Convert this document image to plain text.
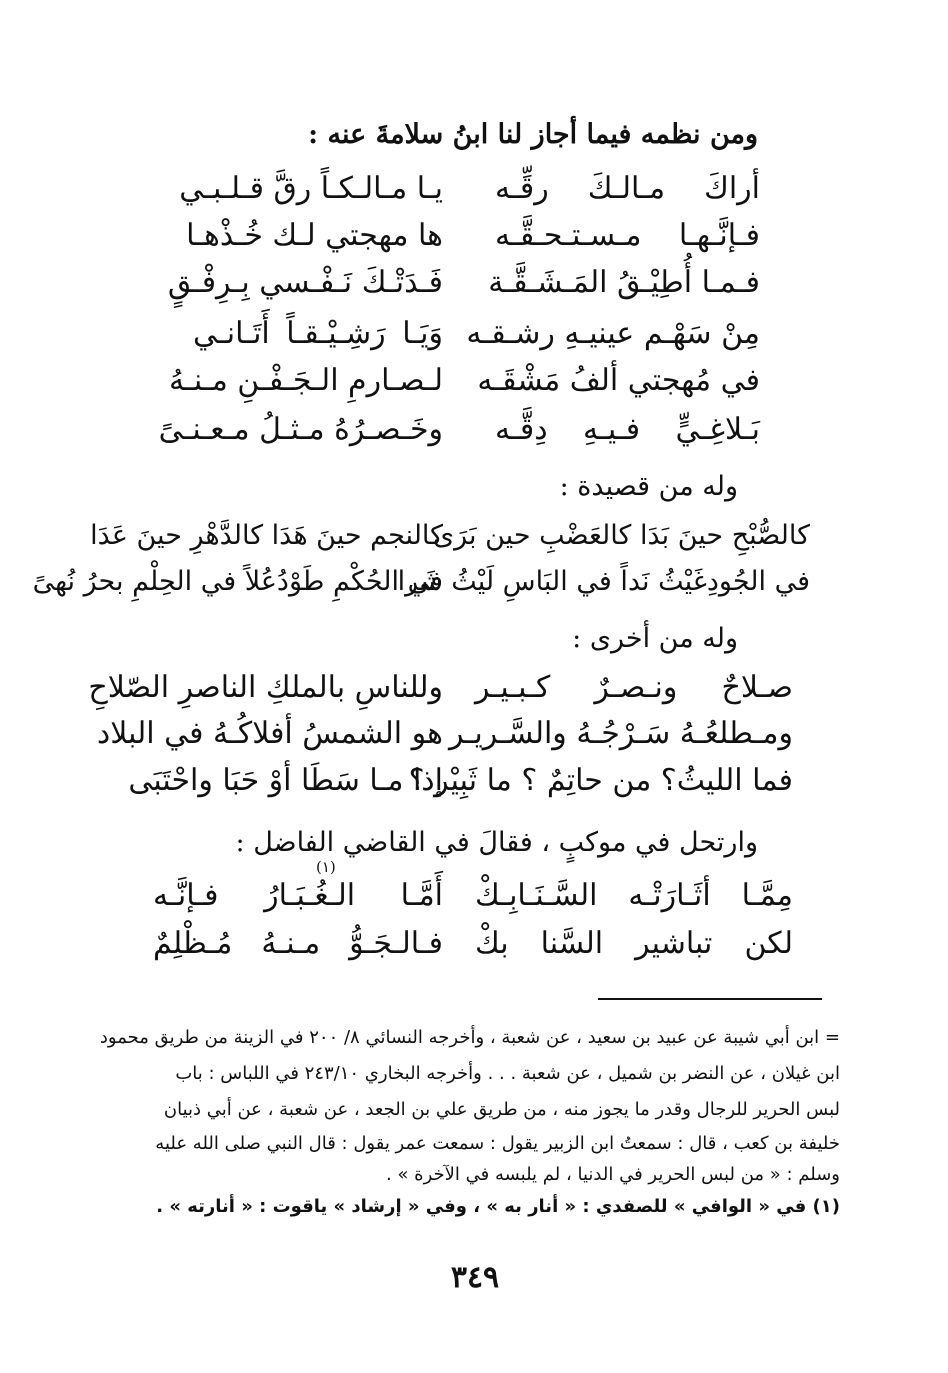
ومن نظمه فيما أجاز لنا ابنُ سلامةَ عنه :
يـا مـالـكـاً رقَّ قـلـبـي أراكَ مـالـكَ رقِّـه
ها مهجتي لـك خُـذْهـا فـإنَّـهـا مـسـتـحـقَّـه
فَـدَتْـكَ نَـفْـسي بِـرِفْـقٍ فـمـا أُطِيْـقُ المَـشَـقَّـة
وَيَـا رَشِـيْـقـاً أَتَـانـي مِنْ سَهْـم عينيـهِ رشـقـه
لـصـارمِ الـجَـفْـنِ مـنـهُ في مُهجتي ألفُ مَشْقَـه
وخَـصـرُهُ مـثـلُ مـعـنـىً بَـلاغِـيٍّ فـيـهِ دِقَّـه
وله من قصيدة :
كالنجم حينَ هَدَا كالدَّهْرِ حينَ عَدَا
كالصُّبْحِ حينَ بَدَا كالعَضْبِ حين بَرَى
في الحُكْمِ طَوْدُعُلاً في الحِلْمِ بحرُ نُهىً
في الجُودِغَيْثُ نَداً في البَاسِ لَيْثُ شَرا
وله من أخرى :
وللناسِ بالملكِ الناصرِ الصّلاحِ صـلاحٌ ونـصـرٌ كـبـيـر
هو الشمسُ أفلاكُـهُ في البلاد ومـطلعُـهُ سَـرْجُـهُ والسَّـريـر
إذا مـا سَطَا أوْ حَبَا واحْتَبَى
فما الليثُ؟ من حاتِمٌ ؟ ما ثَبِيْر ؟
وارتحل في موكبٍ ، فقالَ في القاضي الفاضل :
(١)
أَمَّـا الـغُـبَـارُ فـإنَّـه مِمَّـا أثَـارَتْـه السَّـنَـابِـكْ
فـالـجَـوُّ مـنـهُ مُـظْلِمٌ لكن تباشير السَّنا بكْ
= ابن أبي شيبة عن عبيد بن سعيد ، عن شعبة ، وأخرجه النسائي ٨/ ٢٠٠ في الزينة من طريق محمود
ابن غيلان ، عن النضر بن شميل ، عن شعبة . . . وأخرجه البخاري ٢٤٣/١٠ في اللباس : باب
لبس الحرير للرجال وقدر ما يجوز منه ، من طريق علي بن الجعد ، عن شعبة ، عن أبي ذبيان
خليفة بن كعب ، قال : سمعتُ ابن الزبير يقول : سمعت عمر يقول : قال النبي صلى الله عليه
وسلم : « من لبس الحرير في الدنيا ، لم يلبسه في الآخرة » .
(١) في « الوافي » للصفدي : « أنار به » ، وفي « إرشاد » ياقوت : « أنارته » .
٣٤٩
